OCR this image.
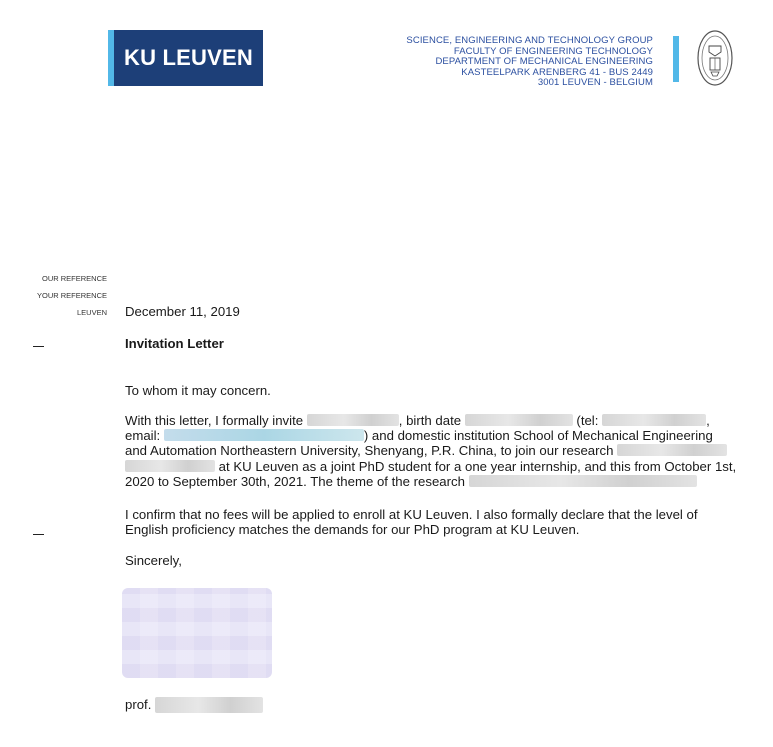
KU LEUVEN
SCIENCE, ENGINEERING AND TECHNOLOGY GROUP
FACULTY OF ENGINEERING TECHNOLOGY
DEPARTMENT OF MECHANICAL ENGINEERING
KASTEELPARK ARENBERG 41 - BUS 2449
3001 LEUVEN - BELGIUM
OUR REFERENCE
YOUR REFERENCE
LEUVEN December 11, 2019
Invitation Letter
To whom it may concern.
With this letter, I formally invite	, birth date	(tel:	, email:	) and domestic institution School of Mechanical Engineering and Automation Northeastern University, Shenyang, P.R. China, to join our research   at KU Leuven as a joint PhD student for a one year internship, and this from October 1st, 2020 to September 30th, 2021. The theme of the research
I confirm that no fees will be applied to enroll at KU Leuven. I also formally declare that the level of English proficiency matches the demands for our PhD program at KU Leuven.
Sincerely,
prof.
